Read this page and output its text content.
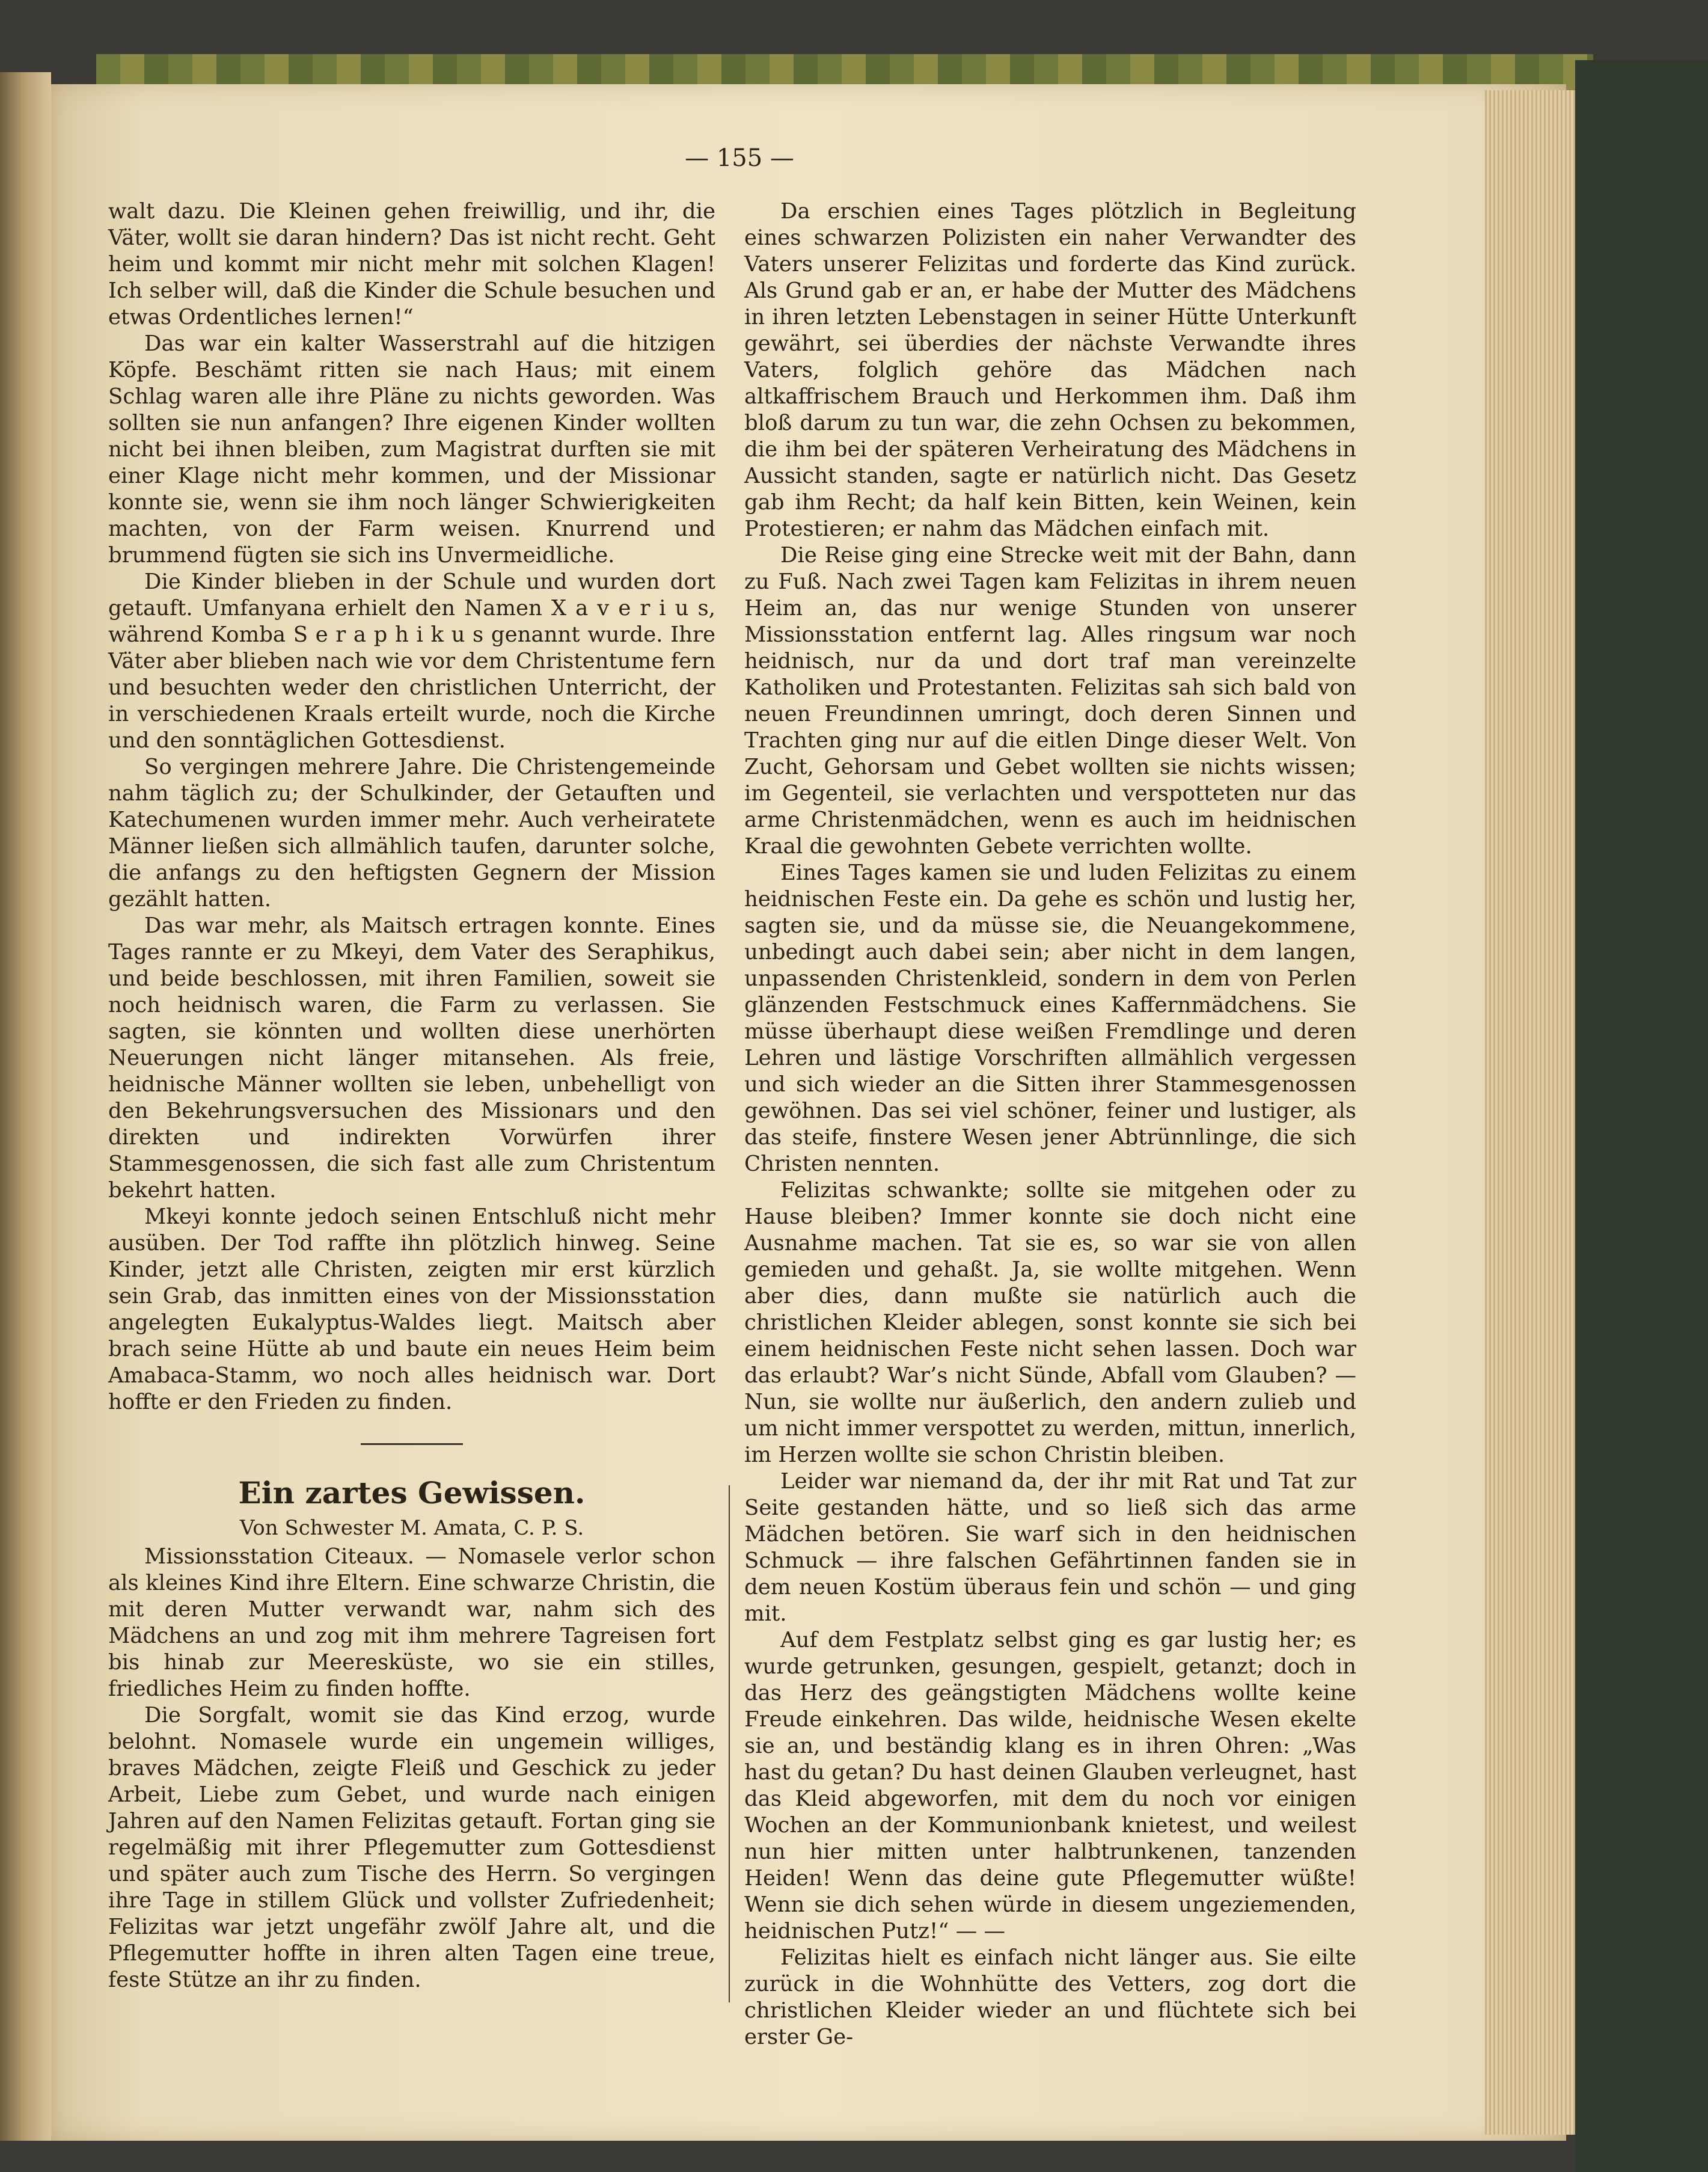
— 155 —

walt dazu. Die Kleinen gehen freiwillig, und ihr, die Väter, wollt sie daran hindern? Das ist nicht recht. Geht heim und kommt mir nicht mehr mit solchen Klagen! Ich selber will, daß die Kinder die Schule besuchen und etwas Ordentliches lernen!“

Das war ein kalter Wasserstrahl auf die hitzigen Köpfe. Beschämt ritten sie nach Haus; mit einem Schlag waren alle ihre Pläne zu nichts geworden. Was sollten sie nun anfangen? Ihre eigenen Kinder wollten nicht bei ihnen bleiben, zum Magistrat durften sie mit einer Klage nicht mehr kommen, und der Missionar konnte sie, wenn sie ihm noch länger Schwierigkeiten machten, von der Farm weisen. Knurrend und brummend fügten sie sich ins Unvermeidliche.

Die Kinder blieben in der Schule und wurden dort getauft. Umfanyana erhielt den Namen X a v e r i u s, während Komba S e r a p h i k u s genannt wurde. Ihre Väter aber blieben nach wie vor dem Christentume fern und besuchten weder den christlichen Unterricht, der in verschiedenen Kraals erteilt wurde, noch die Kirche und den sonntäglichen Gottesdienst.

So vergingen mehrere Jahre. Die Christengemeinde nahm täglich zu; der Schulkinder, der Getauften und Katechumenen wurden immer mehr. Auch verheiratete Männer ließen sich allmählich taufen, darunter solche, die anfangs zu den heftigsten Gegnern der Mission gezählt hatten.

Das war mehr, als Maitsch ertragen konnte. Eines Tages rannte er zu Mkeyi, dem Vater des Seraphikus, und beide beschlossen, mit ihren Familien, soweit sie noch heidnisch waren, die Farm zu verlassen. Sie sagten, sie könnten und wollten diese unerhörten Neuerungen nicht länger mitansehen. Als freie, heidnische Männer wollten sie leben, unbehelligt von den Bekehrungsversuchen des Missionars und den direkten und indirekten Vorwürfen ihrer Stammesgenossen, die sich fast alle zum Christentum bekehrt hatten.

Mkeyi konnte jedoch seinen Entschluß nicht mehr ausüben. Der Tod raffte ihn plötzlich hinweg. Seine Kinder, jetzt alle Christen, zeigten mir erst kürzlich sein Grab, das inmitten eines von der Missionsstation angelegten Eukalyptus-Waldes liegt. Maitsch aber brach seine Hütte ab und baute ein neues Heim beim Amabaca-Stamm, wo noch alles heidnisch war. Dort hoffte er den Frieden zu finden.

Ein zartes Gewissen.
Von Schwester M. Amata, C. P. S.

Missionsstation Citeaux. — Nomasele verlor schon als kleines Kind ihre Eltern. Eine schwarze Christin, die mit deren Mutter verwandt war, nahm sich des Mädchens an und zog mit ihm mehrere Tagreisen fort bis hinab zur Meeresküste, wo sie ein stilles, friedliches Heim zu finden hoffte.

Die Sorgfalt, womit sie das Kind erzog, wurde belohnt. Nomasele wurde ein ungemein williges, braves Mädchen, zeigte Fleiß und Geschick zu jeder Arbeit, Liebe zum Gebet, und wurde nach einigen Jahren auf den Namen Felizitas getauft. Fortan ging sie regelmäßig mit ihrer Pflegemutter zum Gottesdienst und später auch zum Tische des Herrn. So vergingen ihre Tage in stillem Glück und vollster Zufriedenheit; Felizitas war jetzt ungefähr zwölf Jahre alt, und die Pflegemutter hoffte in ihren alten Tagen eine treue, feste Stütze an ihr zu finden.

Da erschien eines Tages plötzlich in Begleitung eines schwarzen Polizisten ein naher Verwandter des Vaters unserer Felizitas und forderte das Kind zurück. Als Grund gab er an, er habe der Mutter des Mädchens in ihren letzten Lebenstagen in seiner Hütte Unterkunft gewährt, sei überdies der nächste Verwandte ihres Vaters, folglich gehöre das Mädchen nach altkaffrischem Brauch und Herkommen ihm. Daß ihm bloß darum zu tun war, die zehn Ochsen zu bekommen, die ihm bei der späteren Verheiratung des Mädchens in Aussicht standen, sagte er natürlich nicht. Das Gesetz gab ihm Recht; da half kein Bitten, kein Weinen, kein Protestieren; er nahm das Mädchen einfach mit.

Die Reise ging eine Strecke weit mit der Bahn, dann zu Fuß. Nach zwei Tagen kam Felizitas in ihrem neuen Heim an, das nur wenige Stunden von unserer Missionsstation entfernt lag. Alles ringsum war noch heidnisch, nur da und dort traf man vereinzelte Katholiken und Protestanten. Felizitas sah sich bald von neuen Freundinnen umringt, doch deren Sinnen und Trachten ging nur auf die eitlen Dinge dieser Welt. Von Zucht, Gehorsam und Gebet wollten sie nichts wissen; im Gegenteil, sie verlachten und verspotteten nur das arme Christenmädchen, wenn es auch im heidnischen Kraal die gewohnten Gebete verrichten wollte.

Eines Tages kamen sie und luden Felizitas zu einem heidnischen Feste ein. Da gehe es schön und lustig her, sagten sie, und da müsse sie, die Neuangekommene, unbedingt auch dabei sein; aber nicht in dem langen, unpassenden Christenkleid, sondern in dem von Perlen glänzenden Festschmuck eines Kaffernmädchens. Sie müsse überhaupt diese weißen Fremdlinge und deren Lehren und lästige Vorschriften allmählich vergessen und sich wieder an die Sitten ihrer Stammesgenossen gewöhnen. Das sei viel schöner, feiner und lustiger, als das steife, finstere Wesen jener Abtrünnlinge, die sich Christen nennten.

Felizitas schwankte; sollte sie mitgehen oder zu Hause bleiben? Immer konnte sie doch nicht eine Ausnahme machen. Tat sie es, so war sie von allen gemieden und gehaßt. Ja, sie wollte mitgehen. Wenn aber dies, dann mußte sie natürlich auch die christlichen Kleider ablegen, sonst konnte sie sich bei einem heidnischen Feste nicht sehen lassen. Doch war das erlaubt? War’s nicht Sünde, Abfall vom Glauben? — Nun, sie wollte nur äußerlich, den andern zulieb und um nicht immer verspottet zu werden, mittun, innerlich, im Herzen wollte sie schon Christin bleiben.

Leider war niemand da, der ihr mit Rat und Tat zur Seite gestanden hätte, und so ließ sich das arme Mädchen betören. Sie warf sich in den heidnischen Schmuck — ihre falschen Gefährtinnen fanden sie in dem neuen Kostüm überaus fein und schön — und ging mit.

Auf dem Festplatz selbst ging es gar lustig her; es wurde getrunken, gesungen, gespielt, getanzt; doch in das Herz des geängstigten Mädchens wollte keine Freude einkehren. Das wilde, heidnische Wesen ekelte sie an, und beständig klang es in ihren Ohren: „Was hast du getan? Du hast deinen Glauben verleugnet, hast das Kleid abgeworfen, mit dem du noch vor einigen Wochen an der Kommunionbank knietest, und weilest nun hier mitten unter halbtrunkenen, tanzenden Heiden! Wenn das deine gute Pflegemutter wüßte! Wenn sie dich sehen würde in diesem ungeziemenden, heidnischen Putz!“ — —

Felizitas hielt es einfach nicht länger aus. Sie eilte zurück in die Wohnhütte des Vetters, zog dort die christlichen Kleider wieder an und flüchtete sich bei erster Ge-
